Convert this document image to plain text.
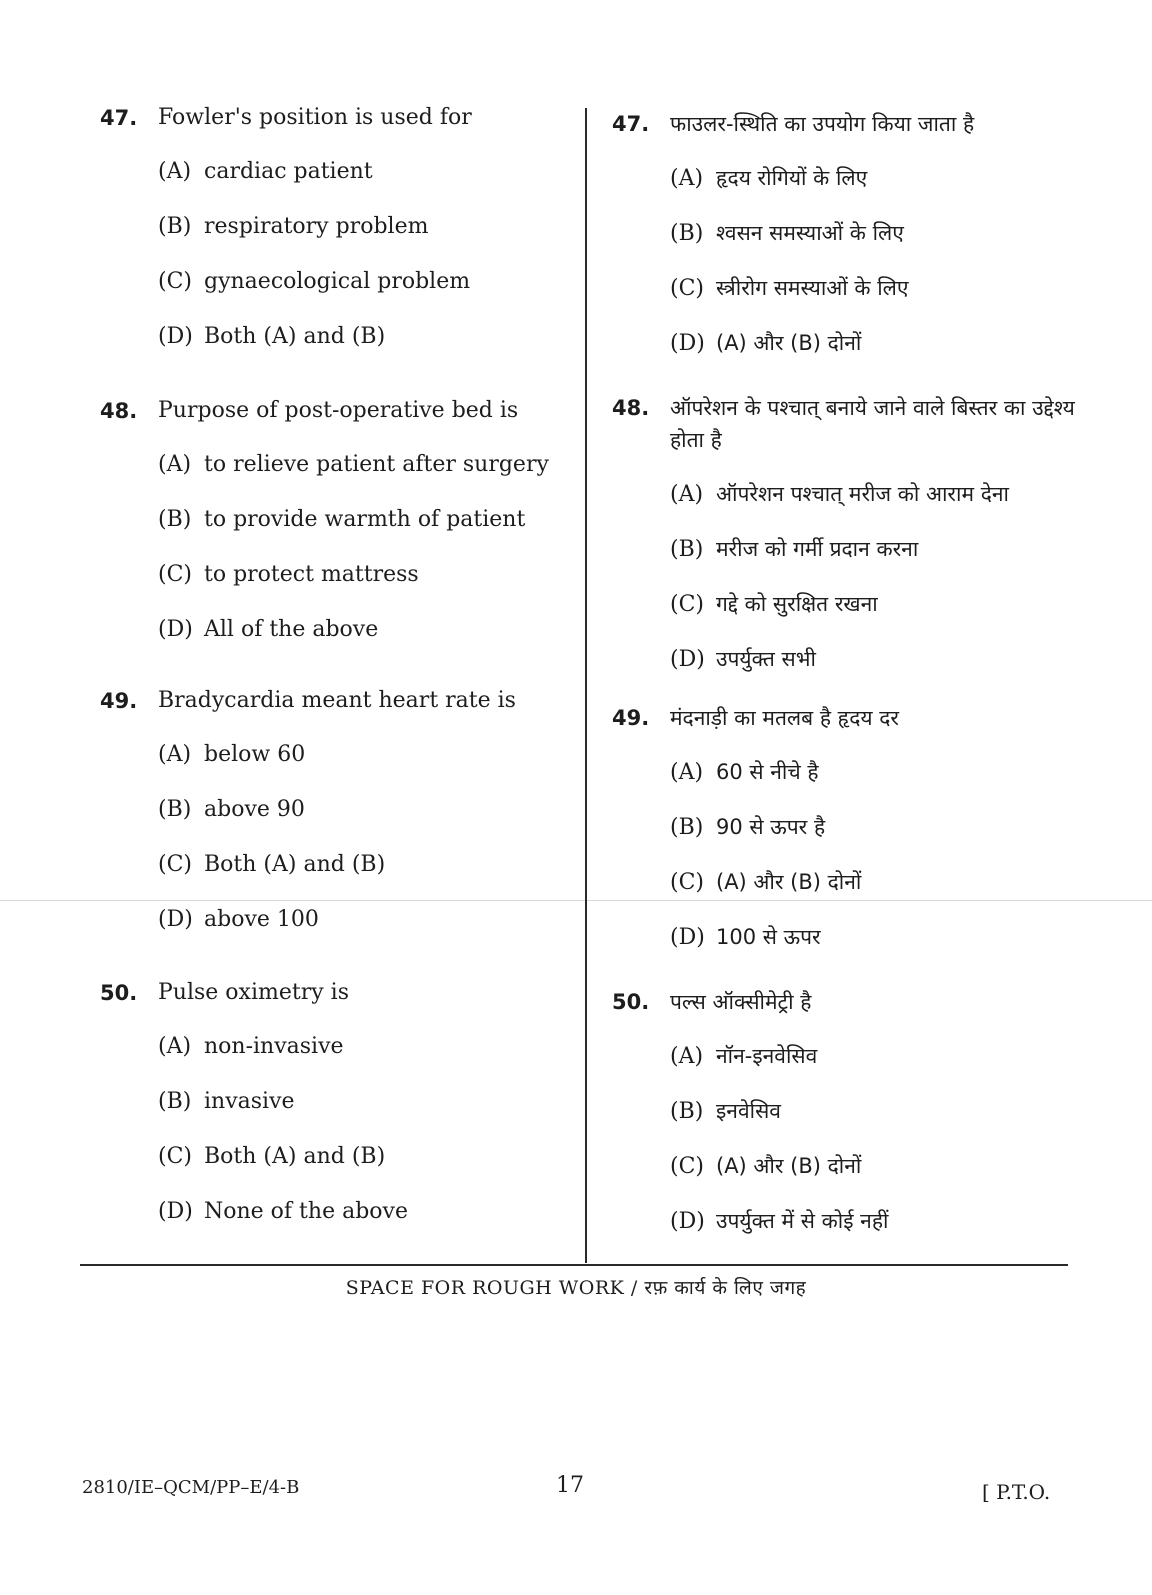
47. Fowler's position is used for
(A) cardiac patient
(B) respiratory problem
(C) gynaecological problem
(D) Both (A) and (B)
48. Purpose of post-operative bed is
(A) to relieve patient after surgery
(B) to provide warmth of patient
(C) to protect mattress
(D) All of the above
49. Bradycardia meant heart rate is
(A) below 60
(B) above 90
(C) Both (A) and (B)
(D) above 100
50. Pulse oximetry is
(A) non-invasive
(B) invasive
(C) Both (A) and (B)
(D) None of the above
47. फाउलर-स्थिति का उपयोग किया जाता है
(A) हृदय रोगियों के लिए
(B) श्वसन समस्याओं के लिए
(C) स्त्रीरोग समस्याओं के लिए
(D) (A) और (B) दोनों
48. ऑपरेशन के पश्चात् बनाये जाने वाले बिस्तर का उद्देश्य होता है
(A) ऑपरेशन पश्चात् मरीज को आराम देना
(B) मरीज को गर्मी प्रदान करना
(C) गद्दे को सुरक्षित रखना
(D) उपर्युक्त सभी
49. मंदनाड़ी का मतलब है हृदय दर
(A) 60 से नीचे है
(B) 90 से ऊपर है
(C) (A) और (B) दोनों
(D) 100 से ऊपर
50. पल्स ऑक्सीमेट्री है
(A) नॉन-इनवेसिव
(B) इनवेसिव
(C) (A) और (B) दोनों
(D) उपर्युक्त में से कोई नहीं
SPACE FOR ROUGH WORK / रफ़ कार्य के लिए जगह
2810/IE–QCM/PP–E/4-B	17	[ P.T.O.
